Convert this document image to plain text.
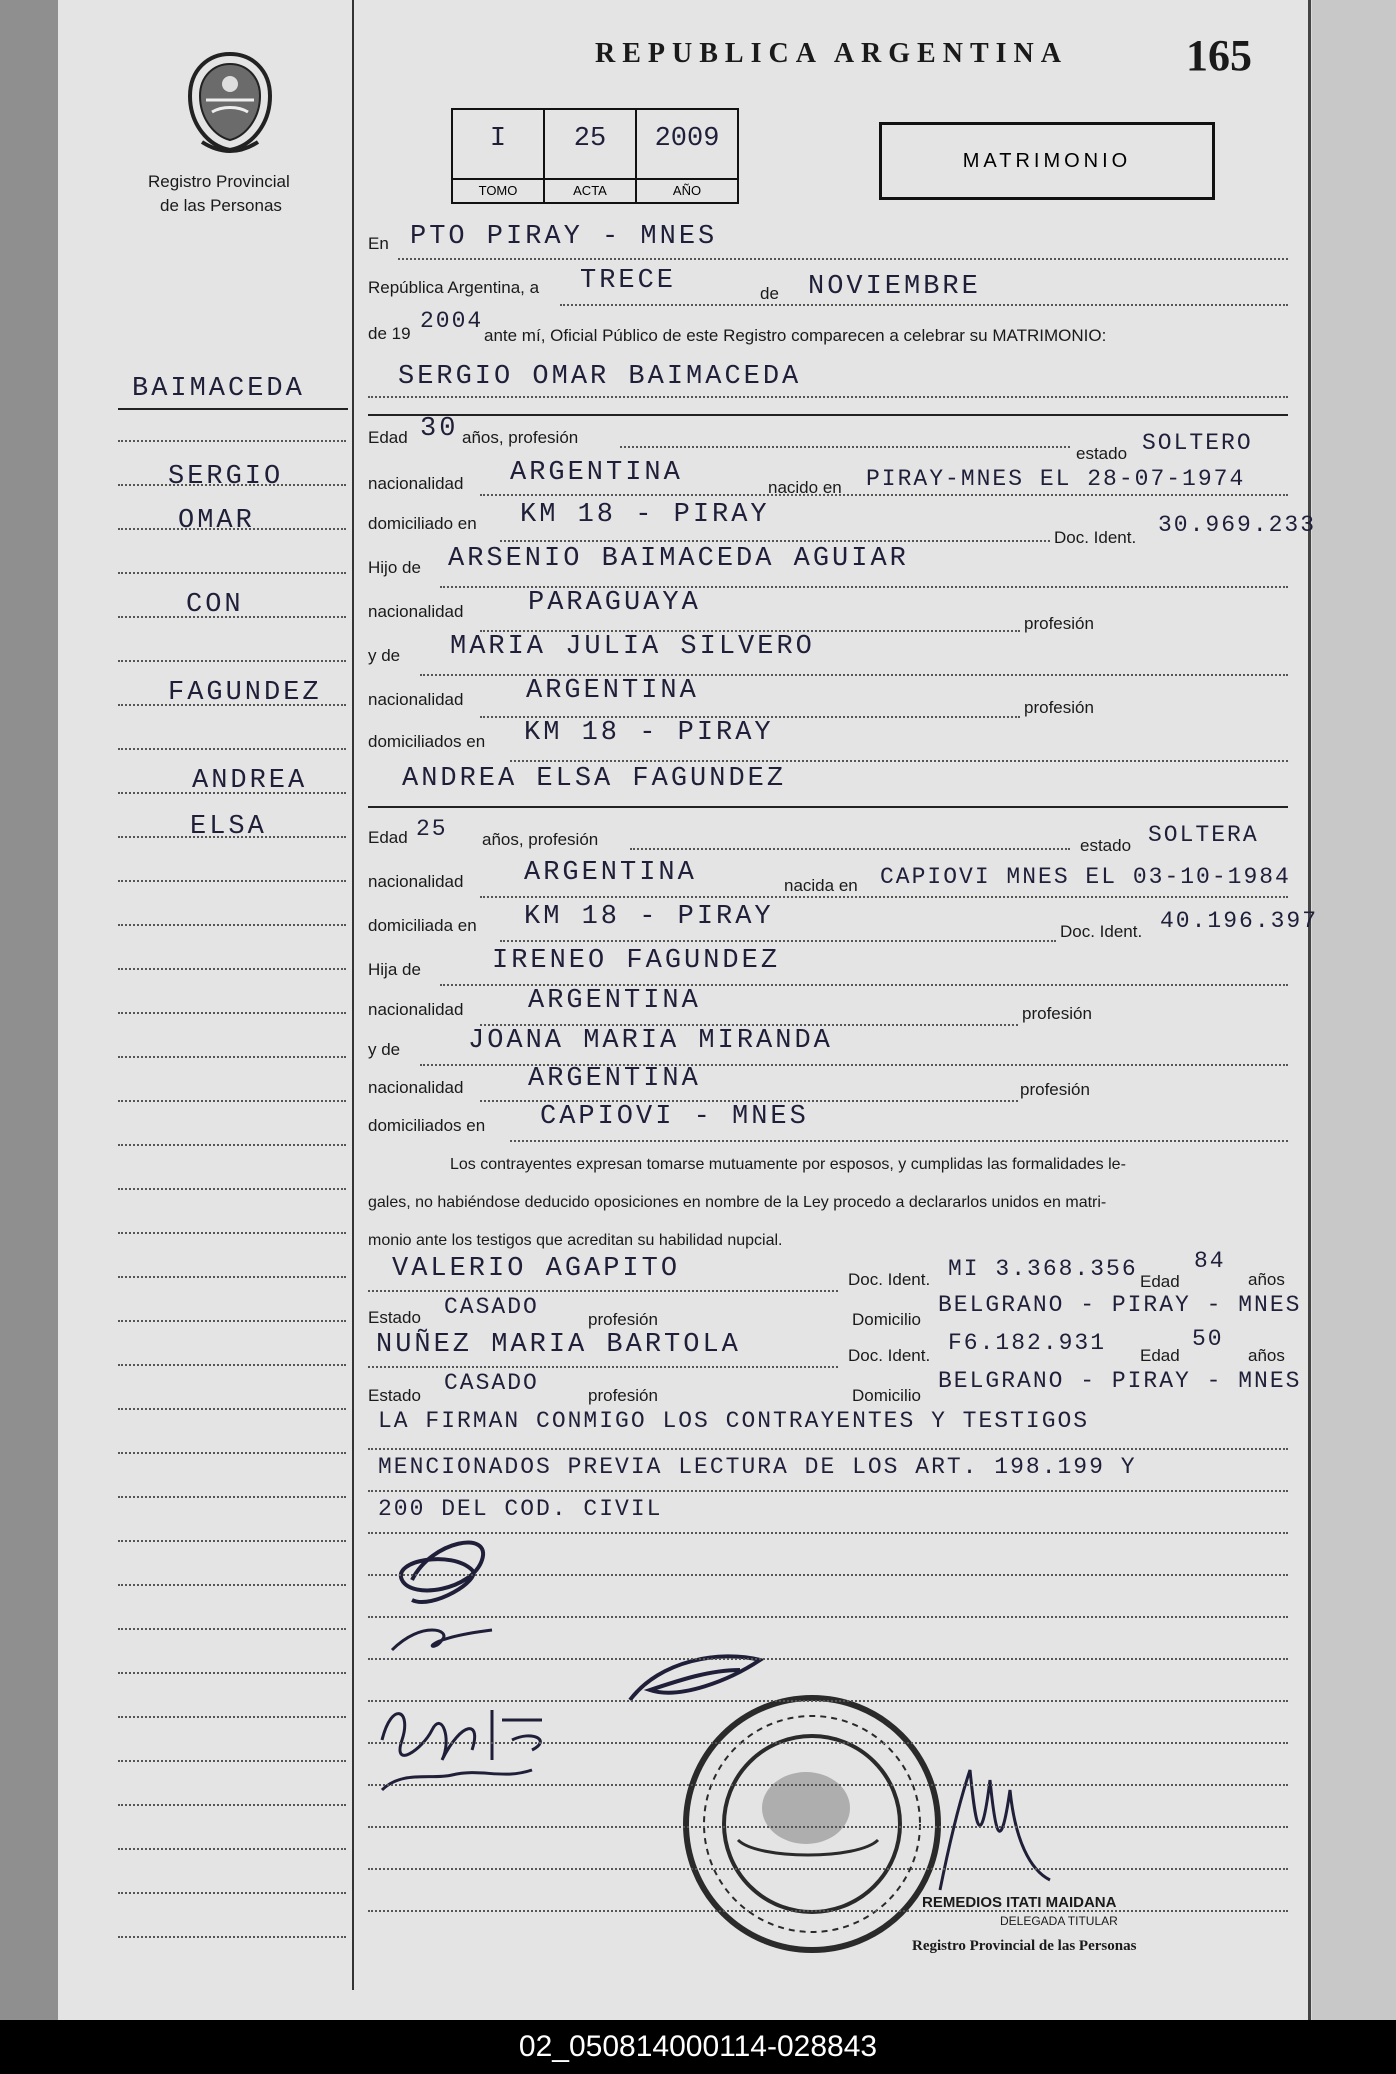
REPUBLICA ARGENTINA	165
Registro Provincial
de las Personas
I
TOMO
25
ACTA
2009
AÑO
MATRIMONIO
BAIMACEDA
SERGIO
OMAR
CON
FAGUNDEZ
ANDREA
ELSA
En PTO PIRAY - MNES
República Argentina, a TRECE	de NOVIEMBRE
de 19 2004
ante mí, Oficial Público de este Registro comparecen a celebrar su MATRIMONIO:
SERGIO OMAR BAIMACEDA
Edad 30 años, profesión
estado SOLTERO
nacionalidad ARGENTINA	nacido en PIRAY-MNES EL 28-07-1974
domiciliado en KM 18 - PIRAY
Doc. Ident. 30.969.233
Hijo de ARSENIO BAIMACEDA AGUIAR
nacionalidad PARAGUAYA
profesión
y de MARIA JULIA SILVERO
nacionalidad ARGENTINA
profesión
domiciliados en KM 18 - PIRAY
ANDREA ELSA FAGUNDEZ
Edad 25 años, profesión	estado SOLTERA
nacionalidad ARGENTINA	nacida en CAPIOVI MNES EL 03-10-1984
domiciliada en KM 18 - PIRAY	Doc. Ident. 40.196.397
Hija de	IRENEO FAGUNDEZ
nacionalidad ARGENTINA	profesión
y de	JOANA MARIA MIRANDA
nacionalidad ARGENTINA	profesión
domiciliados en CAPIOVI - MNES
Los contrayentes expresan tomarse mutuamente por esposos, y cumplidas las formalidades le-
gales, no habiéndose deducido oposiciones en nombre de la Ley procedo a declararlos unidos en matri-
monio ante los testigos que acreditan su habilidad nupcial.
VALERIO AGAPITO	Doc. Ident. MI 3.368.356 Edad
84
años
Estado CASADO	profesión	Domicilio
BELGRANO - PIRAY - MNES
NUÑEZ MARIA BARTOLA	Doc. Ident. F6.182.931 Edad
50
años
Estado CASADO	profesión	Domicilio
BELGRANO - PIRAY - MNES
LA FIRMAN CONMIGO LOS CONTRAYENTES Y TESTIGOS
MENCIONADOS PREVIA LECTURA DE LOS ART. 198.199 Y
200 DEL COD. CIVIL
REMEDIOS ITATI MAIDANA
DELEGADA TITULAR
Registro Provincial de las Personas
02_050814000114-028843
